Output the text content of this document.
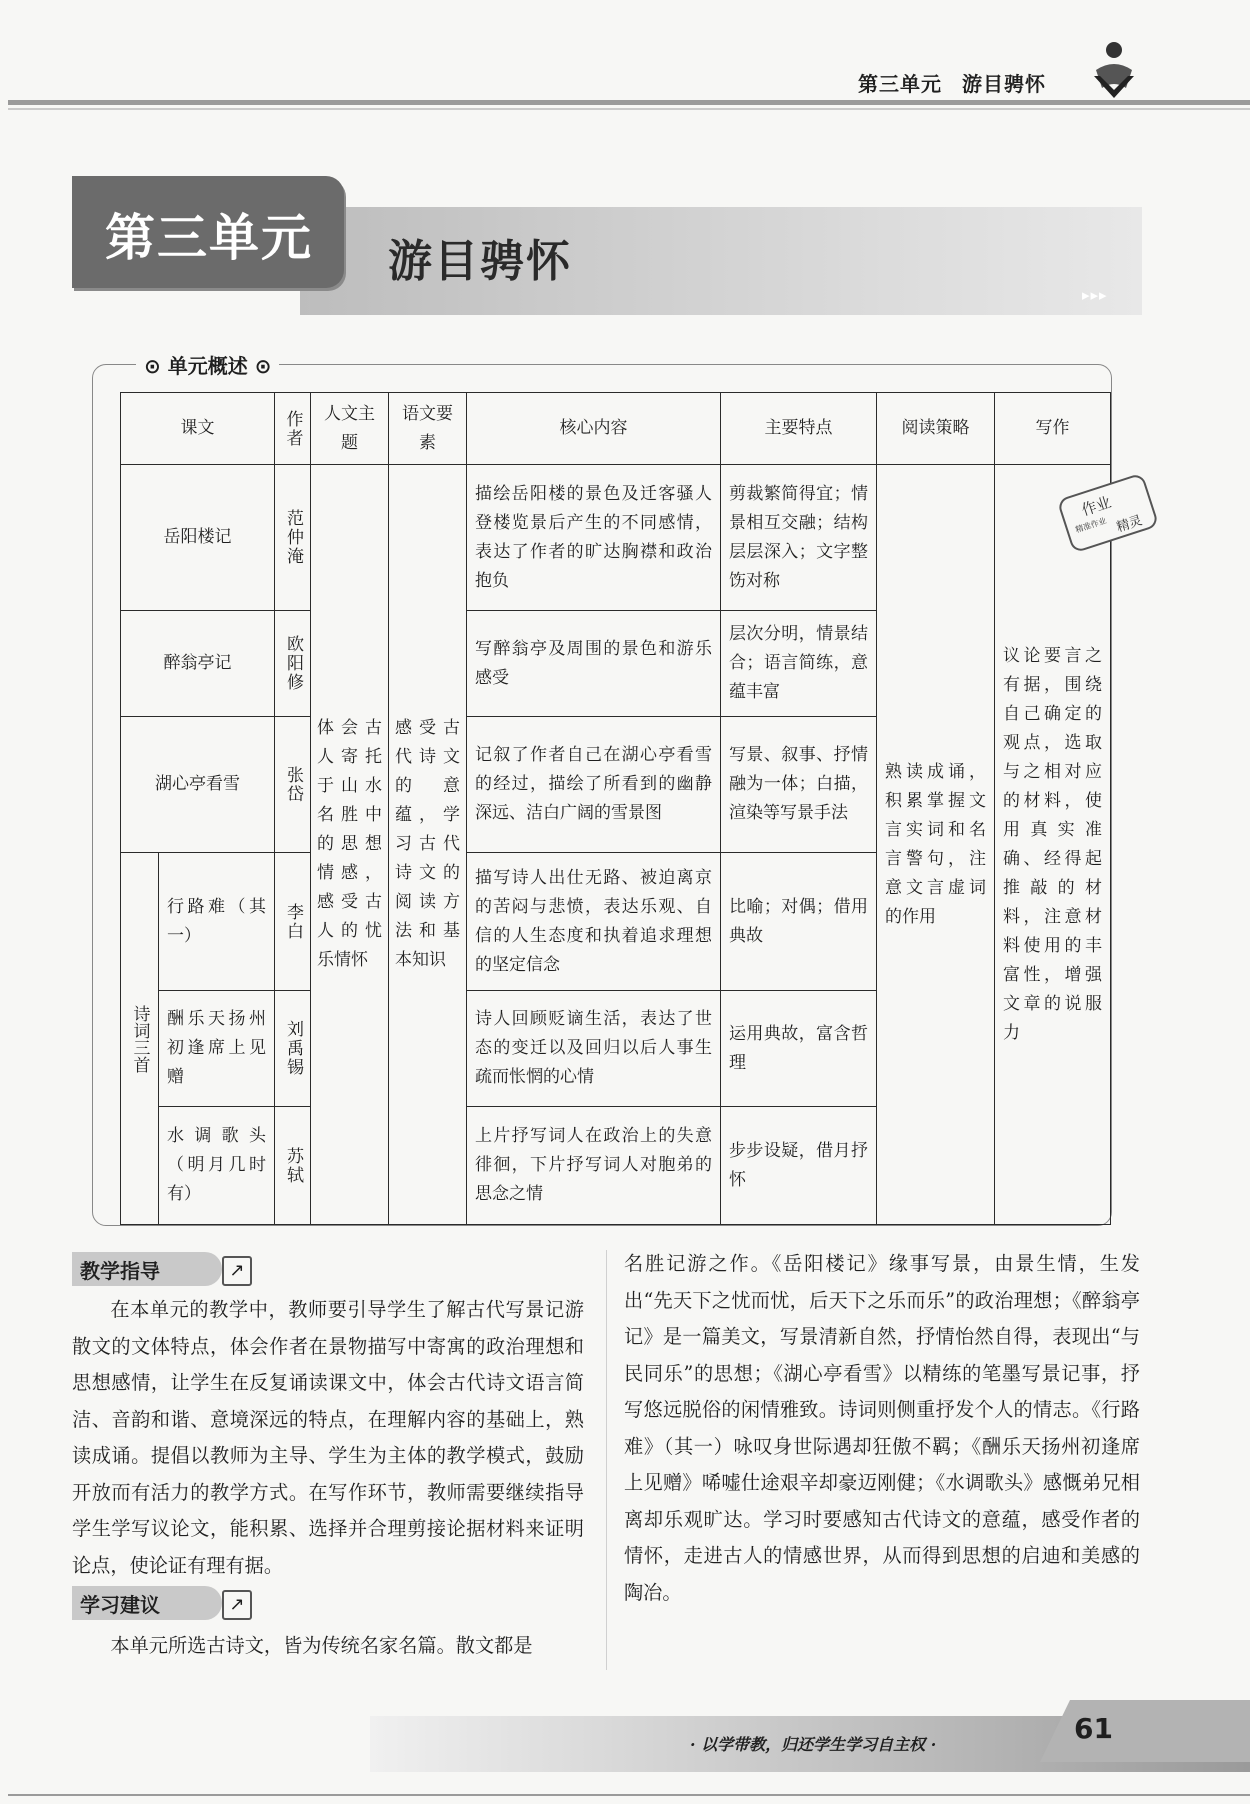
第三单元 游目骋怀
第三单元 游目骋怀
▸▸▸
⊙ 单元概述 ⊙
课文		作者	人文主题	语文要素	核心内容	主要特点	阅读策略	写作
岳阳楼记		范仲淹	体会古人寄托于山水名胜中的思想情感，感受古人的忧乐情怀	感受古代诗文的意蕴，学习古代诗文的阅读方法和基本知识	描绘岳阳楼的景色及迁客骚人登楼览景后产生的不同感情，表达了作者的旷达胸襟和政治抱负	剪裁繁简得宜；情景相互交融；结构层层深入；文字整饬对称	熟读成诵，积累掌握文言实词和名言警句，注意文言虚词的作用	议论要言之有据，围绕自己确定的观点，选取与之相对应的材料，使用真实准确、经得起推敲的材料，注意材料使用的丰富性，增强文章的说服力
醉翁亭记		欧阳修			写醉翁亭及周围的景色和游乐感受	层次分明，情景结合；语言简练，意蕴丰富		
湖心亭看雪		张岱			记叙了作者自己在湖心亭看雪的经过，描绘了所看到的幽静深远、洁白广阔的雪景图	写景、叙事、抒情融为一体；白描，渲染等写景手法		

诗词三首	行路难（其一）	李白			描写诗人出仕无路、被迫离京的苦闷与悲愤，表达乐观、自信的人生态度和执着追求理想的坚定信念	比喻；对偶；借用典故		
	酬乐天扬州初逢席上见赠	刘禹锡			诗人回顾贬谪生活，表达了世态的变迁以及回归以后人事生疏而怅惘的心情	运用典故，富含哲理		
	水调歌头（明月几时有）	苏轼			上片抒写词人在政治上的失意徘徊，下片抒写词人对胞弟的思念之情	步步设疑，借月抒怀		
作业
精准作业 精灵
教学指导	↗
在本单元的教学中，教师要引导学生了解古代写景记游散文的文体特点，体会作者在景物描写中寄寓的政治理想和思想感情，让学生在反复诵读课文中，体会古代诗文语言简洁、音韵和谐、意境深远的特点，在理解内容的基础上，熟读成诵。提倡以教师为主导、学生为主体的教学模式，鼓励开放而有活力的教学方式。在写作环节，教师需要继续指导学生学写议论文，能积累、选择并合理剪接论据材料来证明论点，使论证有理有据。
学习建议	↗
本单元所选古诗文，皆为传统名家名篇。散文都是
名胜记游之作。《岳阳楼记》缘事写景，由景生情，生发出“先天下之忧而忧，后天下之乐而乐”的政治理想；《醉翁亭记》是一篇美文，写景清新自然，抒情怡然自得，表现出“与民同乐”的思想；《湖心亭看雪》以精练的笔墨写景记事，抒写悠远脱俗的闲情雅致。诗词则侧重抒发个人的情志。《行路难》（其一）咏叹身世际遇却狂傲不羁；《酬乐天扬州初逢席上见赠》唏嘘仕途艰辛却豪迈刚健；《水调歌头》感慨弟兄相离却乐观旷达。学习时要感知古代诗文的意蕴，感受作者的情怀，走进古人的情感世界，从而得到思想的启迪和美感的陶冶。
· 以学带教，归还学生学习自主权 ·	61
